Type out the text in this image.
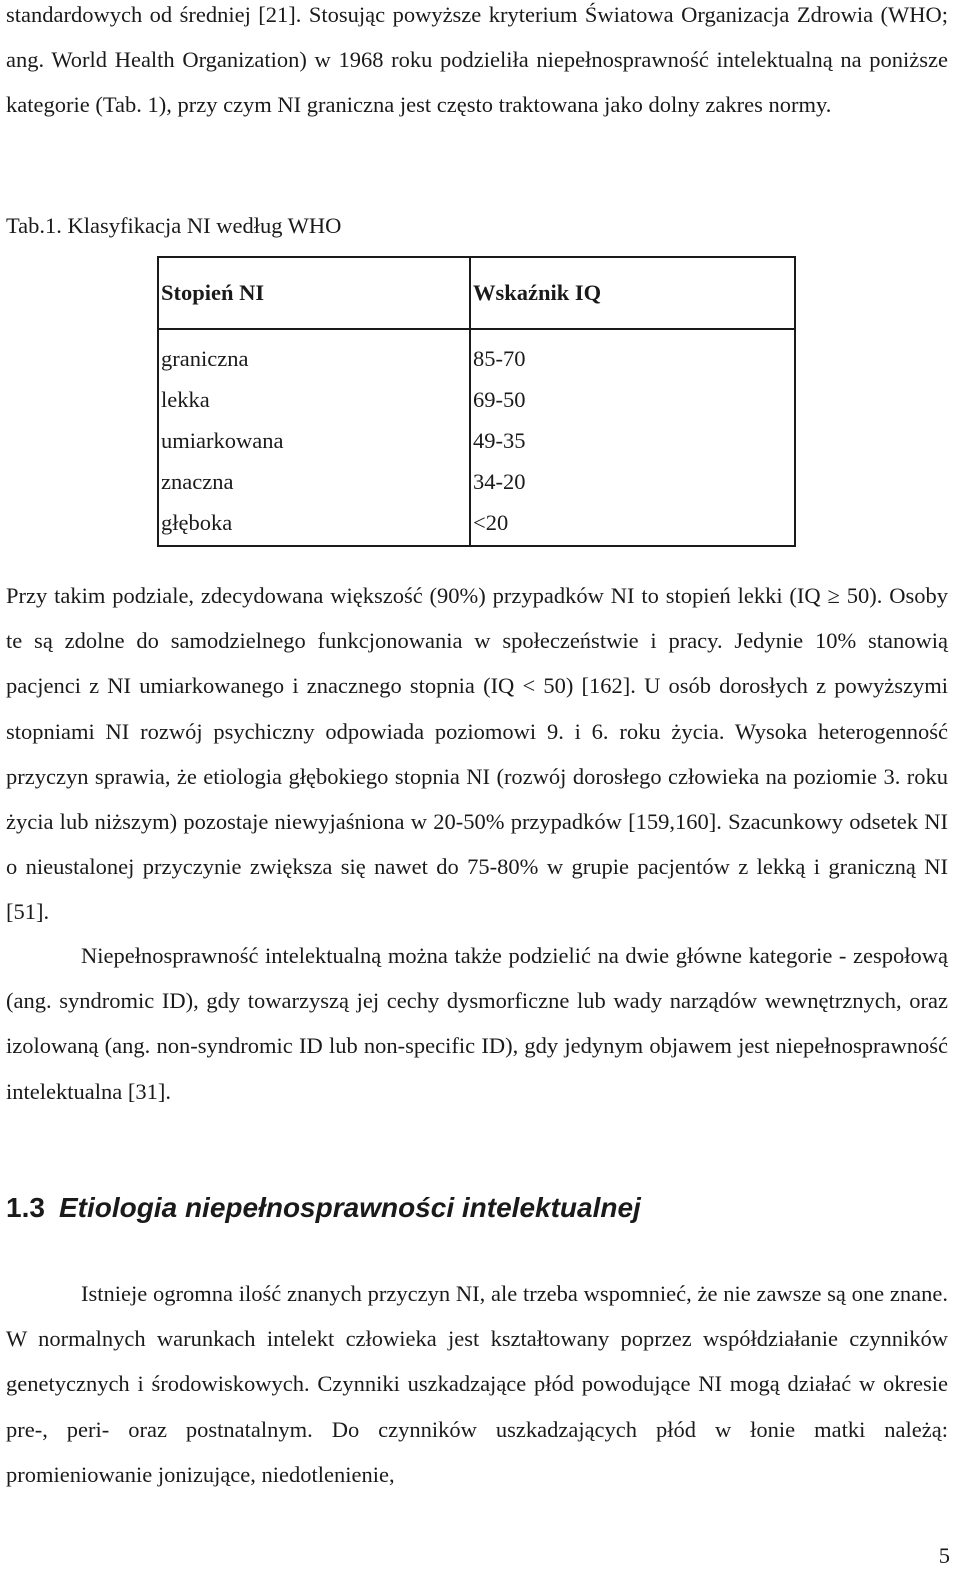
standardowych od średniej [21]. Stosując powyższe kryterium Światowa Organizacja Zdrowia (WHO; ang. World Health Organization) w 1968 roku podzieliła niepełnosprawność intelektualną na poniższe kategorie (Tab. 1), przy czym NI graniczna jest często traktowana jako dolny zakres normy.

Tab.1. Klasyfikacja NI według WHO

Stopień NI	Wskaźnik IQ
graniczna	85-70
lekka	69-50
umiarkowana	49-35
znaczna	34-20
głęboka	<20

Przy takim podziale, zdecydowana większość (90%) przypadków NI to stopień lekki (IQ ≥ 50). Osoby te są zdolne do samodzielnego funkcjonowania w społeczeństwie i pracy. Jedynie 10% stanowią pacjenci z NI umiarkowanego i znacznego stopnia (IQ < 50) [162]. U osób dorosłych z powyższymi stopniami NI rozwój psychiczny odpowiada poziomowi 9. i 6. roku życia. Wysoka heterogenność przyczyn sprawia, że etiologia głębokiego stopnia NI (rozwój dorosłego człowieka na poziomie 3. roku życia lub niższym) pozostaje niewyjaśniona w 20-50% przypadków [159,160]. Szacunkowy odsetek NI o nieustalonej przyczynie zwiększa się nawet do 75-80% w grupie pacjentów z lekką i graniczną NI [51].

Niepełnosprawność intelektualną można także podzielić na dwie główne kategorie - zespołową (ang. syndromic ID), gdy towarzyszą jej cechy dysmorficzne lub wady narządów wewnętrznych, oraz izolowaną (ang. non-syndromic ID lub non-specific ID), gdy jedynym objawem jest niepełnosprawność intelektualna [31].

1.3 Etiologia niepełnosprawności intelektualnej

Istnieje ogromna ilość znanych przyczyn NI, ale trzeba wspomnieć, że nie zawsze są one znane. W normalnych warunkach intelekt człowieka jest kształtowany poprzez współdziałanie czynników genetycznych i środowiskowych. Czynniki uszkadzające płód powodujące NI mogą działać w okresie pre-, peri- oraz postnatalnym. Do czynników uszkadzających płód w łonie matki należą: promieniowanie jonizujące, niedotlenienie,

5
